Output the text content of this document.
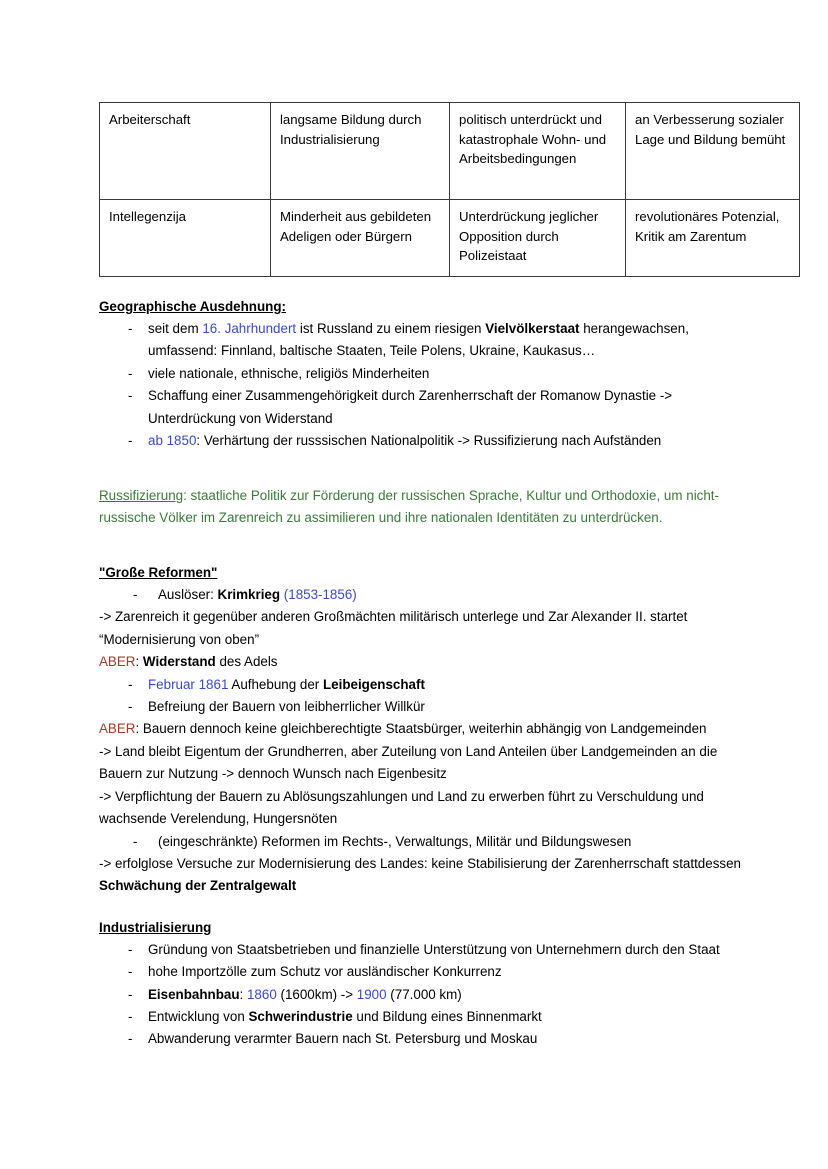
Arbeiterschaft	langsame Bildung durch Industrialisierung	politisch unterdrückt und katastrophale Wohn- und Arbeitsbedingungen	an Verbesserung sozialer Lage und Bildung bemüht
Intellegenzija	Minderheit aus gebildeten Adeligen oder Bürgern	Unterdrückung jeglicher Opposition durch Polizeistaat	revolutionäres Potenzial, Kritik am Zarentum

Geographische Ausdehnung:

- seit dem 16. Jahrhundert ist Russland zu einem riesigen Vielvölkerstaat herangewachsen, umfassend: Finnland, baltische Staaten, Teile Polens, Ukraine, Kaukasus…
- viele nationale, ethnische, religiös Minderheiten
- Schaffung einer Zusammengehörigkeit durch Zarenherrschaft der Romanow Dynastie -> Unterdrückung von Widerstand
- ab 1850: Verhärtung der russsischen Nationalpolitik -> Russifizierung nach Aufständen

Russifizierung: staatliche Politik zur Förderung der russischen Sprache, Kultur und Orthodoxie, um nicht- russische Völker im Zarenreich zu assimilieren und ihre nationalen Identitäten zu unterdrücken.

"Große Reformen"

- Auslöser: Krimkrieg (1853-1856)

-> Zarenreich it gegenüber anderen Großmächten militärisch unterlege und Zar Alexander II. startet “Modernisierung von oben”

ABER: Widerstand des Adels

- Februar 1861 Aufhebung der Leibeigenschaft
- Befreiung der Bauern von leibherrlicher Willkür

ABER: Bauern dennoch keine gleichberechtigte Staatsbürger, weiterhin abhängig von Landgemeinden

-> Land bleibt Eigentum der Grundherren, aber Zuteilung von Land Anteilen über Landgemeinden an die Bauern zur Nutzung -> dennoch Wunsch nach Eigenbesitz

-> Verpflichtung der Bauern zu Ablösungszahlungen und Land zu erwerben führt zu Verschuldung und wachsende Verelendung, Hungersnöten

- (eingeschränkte) Reformen im Rechts-, Verwaltungs, Militär und Bildungswesen

-> erfolglose Versuche zur Modernisierung des Landes: keine Stabilisierung der Zarenherrschaft stattdessen Schwächung der Zentralgewalt

Industrialisierung

- Gründung von Staatsbetrieben und finanzielle Unterstützung von Unternehmern durch den Staat
- hohe Importzölle zum Schutz vor ausländischer Konkurrenz
- Eisenbahnbau: 1860 (1600km) -> 1900 (77.000 km)
- Entwicklung von Schwerindustrie und Bildung eines Binnenmarkt
- Abwanderung verarmter Bauern nach St. Petersburg und Moskau
